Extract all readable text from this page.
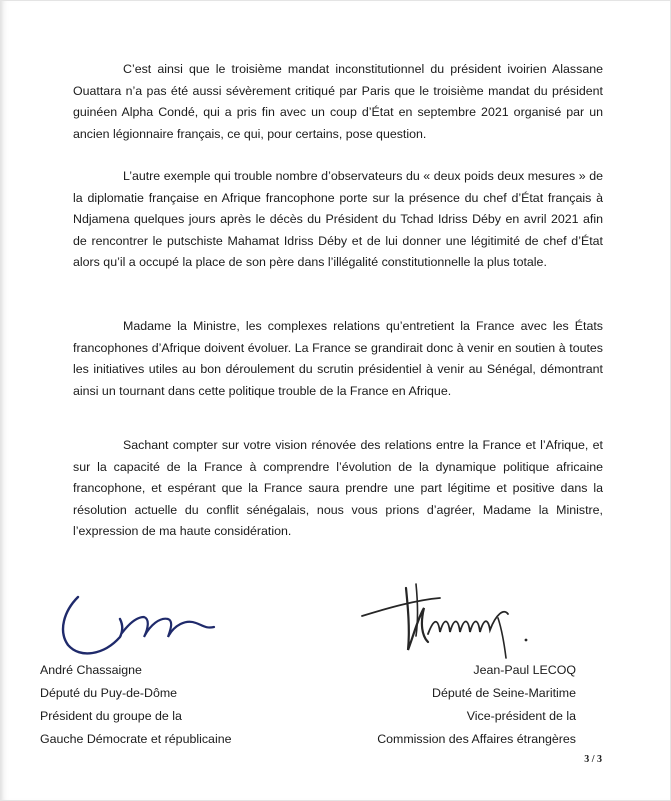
C’est ainsi que le troisième mandat inconstitutionnel du président ivoirien Alassane Ouattara n’a pas été aussi sévèrement critiqué par Paris que le troisième mandat du président guinéen Alpha Condé, qui a pris fin avec un coup d’État en septembre 2021 organisé par un ancien légionnaire français, ce qui, pour certains, pose question.

L’autre exemple qui trouble nombre d’observateurs du « deux poids deux mesures » de la diplomatie française en Afrique francophone porte sur la présence du chef d’État français à Ndjamena quelques jours après le décès du Président du Tchad Idriss Déby en avril 2021 afin de rencontrer le putschiste Mahamat Idriss Déby et de lui donner une légitimité de chef d’État alors qu’il a occupé la place de son père dans l’illégalité constitutionnelle la plus totale.

Madame la Ministre, les complexes relations qu’entretient la France avec les États francophones d’Afrique doivent évoluer. La France se grandirait donc à venir en soutien à toutes les initiatives utiles au bon déroulement du scrutin présidentiel à venir au Sénégal, démontrant ainsi un tournant dans cette politique trouble de la France en Afrique.

Sachant compter sur votre vision rénovée des relations entre la France et l’Afrique, et sur la capacité de la France à comprendre l’évolution de la dynamique politique africaine francophone, et espérant que la France saura prendre une part légitime et positive dans la résolution actuelle du conflit sénégalais, nous vous prions d’agréer, Madame la Ministre, l’expression de ma haute considération.

André Chassaigne

Député du Puy-de-Dôme

Président du groupe de la

Gauche Démocrate et républicaine

Jean-Paul LECOQ

Député de Seine-Maritime

Vice-président de la

Commission des Affaires étrangères

3 / 3
